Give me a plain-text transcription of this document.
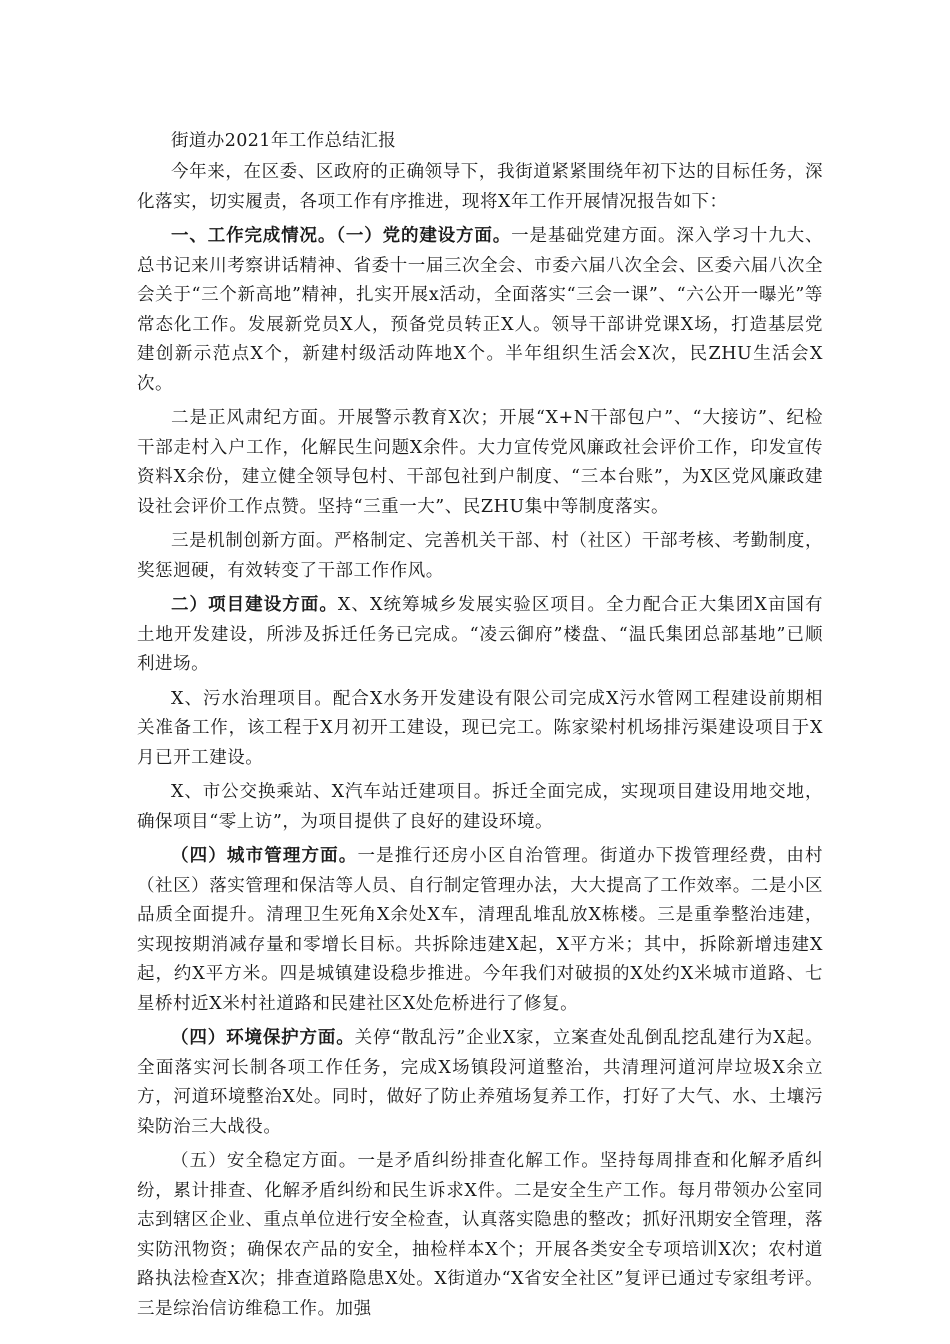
街道办2021年工作总结汇报

今年来，在区委、区政府的正确领导下，我街道紧紧围绕年初下达的目标任务，深化落实，切实履责，各项工作有序推进，现将X年工作开展情况报告如下：

一、工作完成情况。（一）党的建设方面。一是基础党建方面。深入学习十九大、总书记来川考察讲话精神、省委十一届三次全会、市委六届八次全会、区委六届八次全会关于“三个新高地”精神，扎实开展x活动，全面落实“三会一课”、“六公开一曝光”等常态化工作。发展新党员X人，预备党员转正X人。领导干部讲党课X场，打造基层党建创新示范点X个，新建村级活动阵地X个。半年组织生活会X次，民ZHU生活会X次。

二是正风肃纪方面。开展警示教育X次；开展“X+N干部包户”、“大接访”、纪检干部走村入户工作，化解民生问题X余件。大力宣传党风廉政社会评价工作，印发宣传资料X余份，建立健全领导包村、干部包社到户制度、“三本台账”，为X区党风廉政建设社会评价工作点赞。坚持“三重一大”、民ZHU集中等制度落实。

三是机制创新方面。严格制定、完善机关干部、村（社区）干部考核、考勤制度，奖惩迥硬，有效转变了干部工作作风。

二）项目建设方面。X、X统筹城乡发展实验区项目。全力配合正大集团X亩国有土地开发建设，所涉及拆迁任务已完成。“凌云御府”楼盘、“温氏集团总部基地”已顺利进场。

X、污水治理项目。配合X水务开发建设有限公司完成X污水管网工程建设前期相关准备工作，该工程于X月初开工建设，现已完工。陈家梁村机场排污渠建设项目于X月已开工建设。

X、市公交换乘站、X汽车站迁建项目。拆迁全面完成，实现项目建设用地交地，确保项目“零上访”，为项目提供了良好的建设环境。

（四）城市管理方面。一是推行还房小区自治管理。街道办下拨管理经费，由村（社区）落实管理和保洁等人员、自行制定管理办法，大大提高了工作效率。二是小区品质全面提升。清理卫生死角X余处X车，清理乱堆乱放X栋楼。三是重拳整治违建，实现按期消减存量和零增长目标。共拆除违建X起，X平方米；其中，拆除新增违建X起，约X平方米。四是城镇建设稳步推进。今年我们对破损的X处约X米城市道路、七星桥村近X米村社道路和民建社区X处危桥进行了修复。

（四）环境保护方面。关停“散乱污”企业X家，立案查处乱倒乱挖乱建行为X起。全面落实河长制各项工作任务，完成X场镇段河道整治，共清理河道河岸垃圾X余立方，河道环境整治X处。同时，做好了防止养殖场复养工作，打好了大气、水、土壤污染防治三大战役。

（五）安全稳定方面。一是矛盾纠纷排查化解工作。坚持每周排查和化解矛盾纠纷，累计排查、化解矛盾纠纷和民生诉求X件。二是安全生产工作。每月带领办公室同志到辖区企业、重点单位进行安全检查，认真落实隐患的整改；抓好汛期安全管理，落实防汛物资；确保农产品的安全，抽检样本X个；开展各类安全专项培训X次；农村道路执法检查X次；排查道路隐患X处。X街道办“X省安全社区”复评已通过专家组考评。三是综治信访维稳工作。加强
